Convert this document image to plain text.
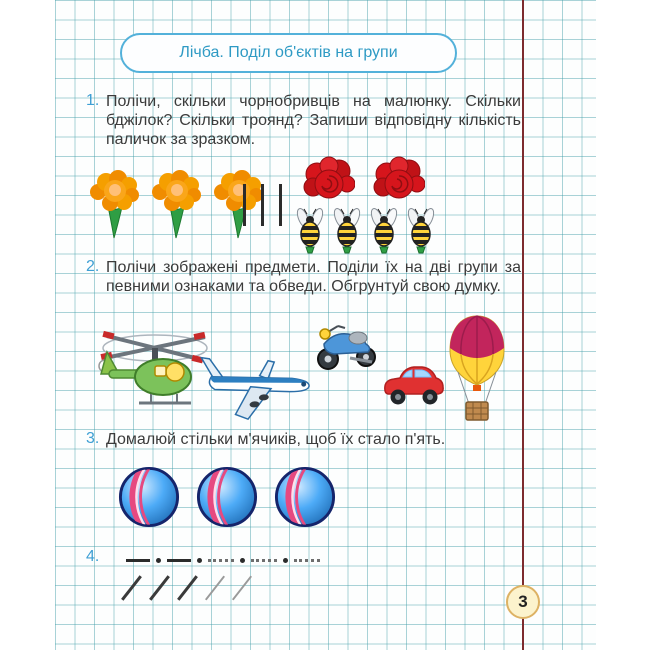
Лічба. Поділ об'єктів на групи
1. Полічи, скільки чорнобривців на малюнку. Скільки бджілок? Скільки троянд? Запиши відповідну кількість паличок за зразком.
2. Полічи зображені предмети. Поділи їх на дві групи за певними ознаками та обведи. Обгрунтуй свою думку.
3. Домалюй стільки м'ячиків, щоб їх стало п'ять.
4.
3
